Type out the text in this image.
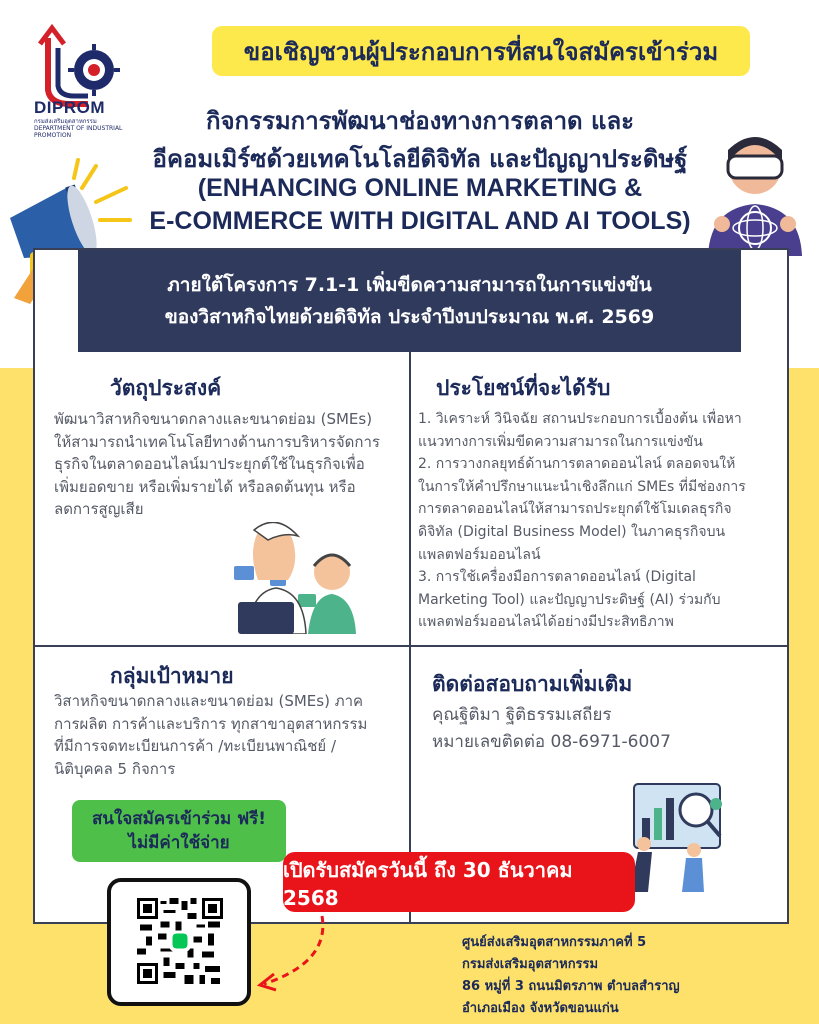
DIPROM
กรมส่งเสริมอุตสาหกรรม DEPARTMENT OF INDUSTRIAL PROMOTION
ขอเชิญชวนผู้ประกอบการที่สนใจสมัครเข้าร่วม
กิจกรรมการพัฒนาช่องทางการตลาด และ
อีคอมเมิร์ซด้วยเทคโนโลยีดิจิทัล และปัญญาประดิษฐ์
(ENHANCING ONLINE MARKETING &
E-COMMERCE WITH DIGITAL AND AI TOOLS)
ภายใต้โครงการ 7.1-1 เพิ่มขีดความสามารถในการแข่งขัน
ของวิสาหกิจไทยด้วยดิจิทัล ประจำปีงบประมาณ พ.ศ. 2569
วัตถุประสงค์
พัฒนาวิสาหกิจขนาดกลางและขนาดย่อม (SMEs)
ให้สามารถนำเทคโนโลยีทางด้านการบริหารจัดการ
ธุรกิจในตลาดออนไลน์มาประยุกต์ใช้ในธุรกิจเพื่อ
เพิ่มยอดขาย หรือเพิ่มรายได้ หรือลดต้นทุน หรือ
ลดการสูญเสีย
ประโยชน์ที่จะได้รับ
1. วิเคราะห์ วินิจฉัย สถานประกอบการเบื้องต้น เพื่อหา
แนวทางการเพิ่มขีดความสามารถในการแข่งขัน
2. การวางกลยุทธ์ด้านการตลาดออนไลน์ ตลอดจนให้
ในการให้คำปรึกษาแนะนำเชิงลึกแก่ SMEs ที่มีช่องการ
การตลาดออนไลน์ให้สามารถประยุกต์ใช้โมเดลธุรกิจ
ดิจิทัล (Digital Business Model) ในภาคธุรกิจบน
แพลตฟอร์มออนไลน์
3. การใช้เครื่องมือการตลาดออนไลน์ (Digital
Marketing Tool) และปัญญาประดิษฐ์ (AI) ร่วมกับ
แพลตฟอร์มออนไลน์ได้อย่างมีประสิทธิภาพ
กลุ่มเป้าหมาย
วิสาหกิจขนาดกลางและขนาดย่อม (SMEs) ภาค
การผลิต การค้าและบริการ ทุกสาขาอุตสาหกรรม
ที่มีการจดทะเบียนการค้า /ทะเบียนพาณิชย์ /
นิติบุคคล 5 กิจการ
ติดต่อสอบถามเพิ่มเติม
คุณฐิติมา ฐิติธรรมเสถียร
หมายเลขติดต่อ 08-6971-6007
สนใจสมัครเข้าร่วม ฟรี!
ไม่มีค่าใช้จ่าย
เปิดรับสมัครวันนี้ ถึง 30 ธันวาคม 2568
ศูนย์ส่งเสริมอุตสาหกรรมภาคที่ 5
กรมส่งเสริมอุตสาหกรรม
86 หมู่ที่ 3 ถนนมิตรภาพ ตำบลสำราญ
อำเภอเมือง จังหวัดขอนแก่น
